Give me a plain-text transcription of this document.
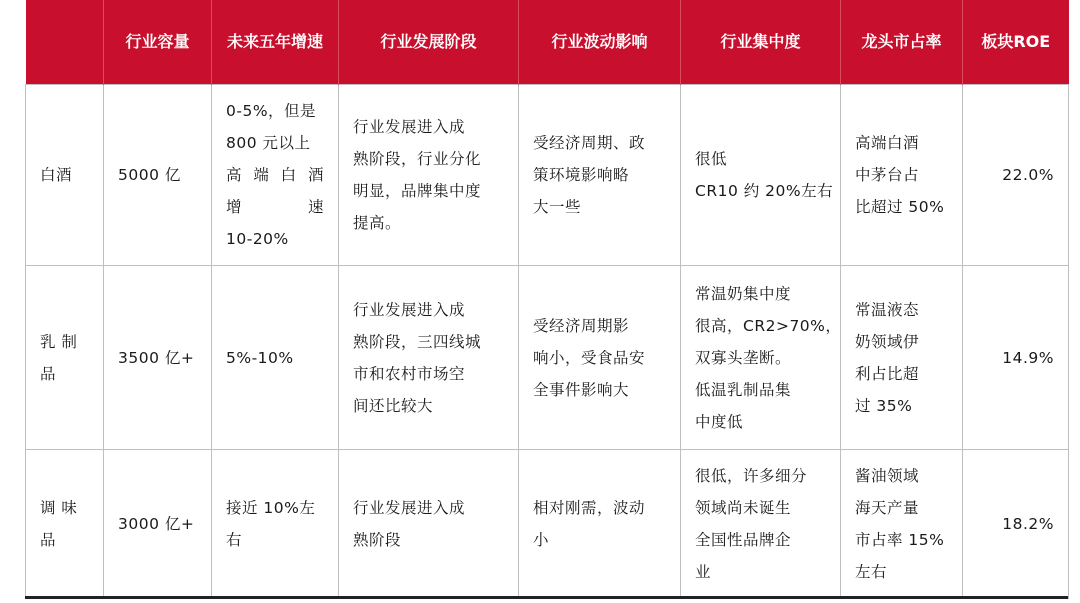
	行业容量	未来五年增速	行业发展阶段	行业波动影响	行业集中度	龙头市占率	板块ROE

白酒	5000 亿	0-5%，但是
800 元以上
高端白酒
增　　速
10-20%	行业发展进入成
熟阶段，行业分化
明显，品牌集中度
提高。	受经济周期、政
策环境影响略
大一些	很低
CR10 约 20%左右	高端白酒
中茅台占
比超过 50%	22.0%

乳 制
品	3500 亿+	5%-10%	行业发展进入成
熟阶段，三四线城
市和农村市场空
间还比较大	受经济周期影
响小，受食品安
全事件影响大	常温奶集中度
很高，CR2>70%，
双寡头垄断。
低温乳制品集
中度低	常温液态
奶领域伊
利占比超
过 35%	14.9%

调 味
品	3000 亿+	接近 10%左
右	行业发展进入成
熟阶段	相对刚需，波动
小	很低，许多细分
领域尚未诞生
全国性品牌企
业	酱油领域
海天产量
市占率 15%
左右	18.2%
